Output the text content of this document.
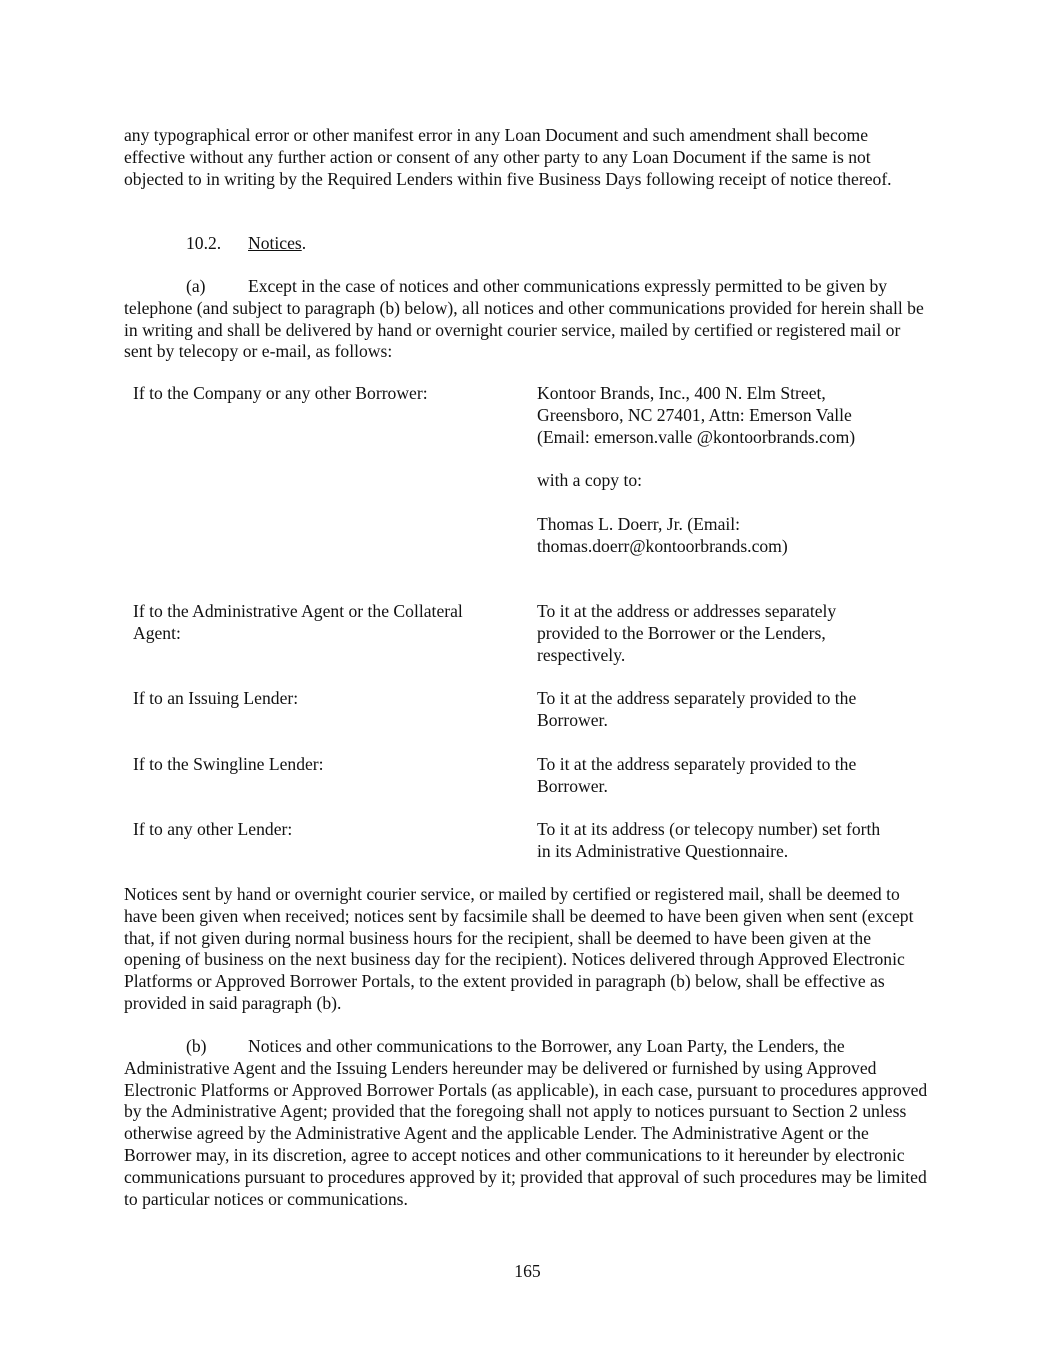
any typographical error or other manifest error in any Loan Document and such amendment shall become effective without any further action or consent of any other party to any Loan Document if the same is not objected to in writing by the Required Lenders within five Business Days following receipt of notice thereof.

10.2. Notices.

(a) Except in the case of notices and other communications expressly permitted to be given by telephone (and subject to paragraph (b) below), all notices and other communications provided for herein shall be in writing and shall be delivered by hand or overnight courier service, mailed by certified or registered mail or sent by telecopy or e-mail, as follows:

If to the Company or any other Borrower:	Kontoor Brands, Inc., 400 N. Elm Street,
Greensboro, NC 27401, Attn: Emerson Valle
(Email: emerson.valle @kontoorbrands.com)
with a copy to:
Thomas L. Doerr, Jr. (Email:
thomas.doerr@kontoorbrands.com)
If to the Administrative Agent or the Collateral
Agent:
To it at the address or addresses separately
provided to the Borrower or the Lenders,
respectively.
If to an Issuing Lender:	To it at the address separately provided to the
Borrower.
If to the Swingline Lender:	To it at the address separately provided to the
Borrower.
If to any other Lender:	To it at its address (or telecopy number) set forth
in its Administrative Questionnaire.

Notices sent by hand or overnight courier service, or mailed by certified or registered mail, shall be deemed to have been given when received; notices sent by facsimile shall be deemed to have been given when sent (except that, if not given during normal business hours for the recipient, shall be deemed to have been given at the opening of business on the next business day for the recipient). Notices delivered through Approved Electronic Platforms or Approved Borrower Portals, to the extent provided in paragraph (b) below, shall be effective as provided in said paragraph (b).

(b) Notices and other communications to the Borrower, any Loan Party, the Lenders, the Administrative Agent and the Issuing Lenders hereunder may be delivered or furnished by using Approved Electronic Platforms or Approved Borrower Portals (as applicable), in each case, pursuant to procedures approved by the Administrative Agent; provided that the foregoing shall not apply to notices pursuant to Section 2 unless otherwise agreed by the Administrative Agent and the applicable Lender. The Administrative Agent or the Borrower may, in its discretion, agree to accept notices and other communications to it hereunder by electronic communications pursuant to procedures approved by it; provided that approval of such procedures may be limited to particular notices or communications.

165
